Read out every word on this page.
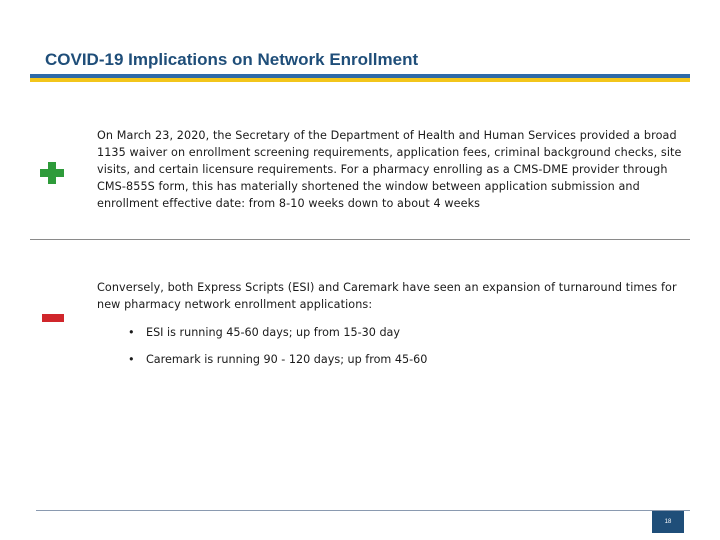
COVID-19 Implications on Network Enrollment
On March 23, 2020, the Secretary of the Department of Health and Human Services provided a broad 1135 waiver on enrollment screening requirements, application fees, criminal background checks, site visits, and certain licensure requirements. For a pharmacy enrolling as a CMS-DME provider through CMS-855S form, this has materially shortened the window between application submission and enrollment effective date: from 8-10 weeks down to about 4 weeks
Conversely, both Express Scripts (ESI) and Caremark have seen an expansion of turnaround times for new pharmacy network enrollment applications:
• ESI is running 45-60 days; up from 15-30 day
• Caremark is running 90 - 120 days; up from 45-60
18
